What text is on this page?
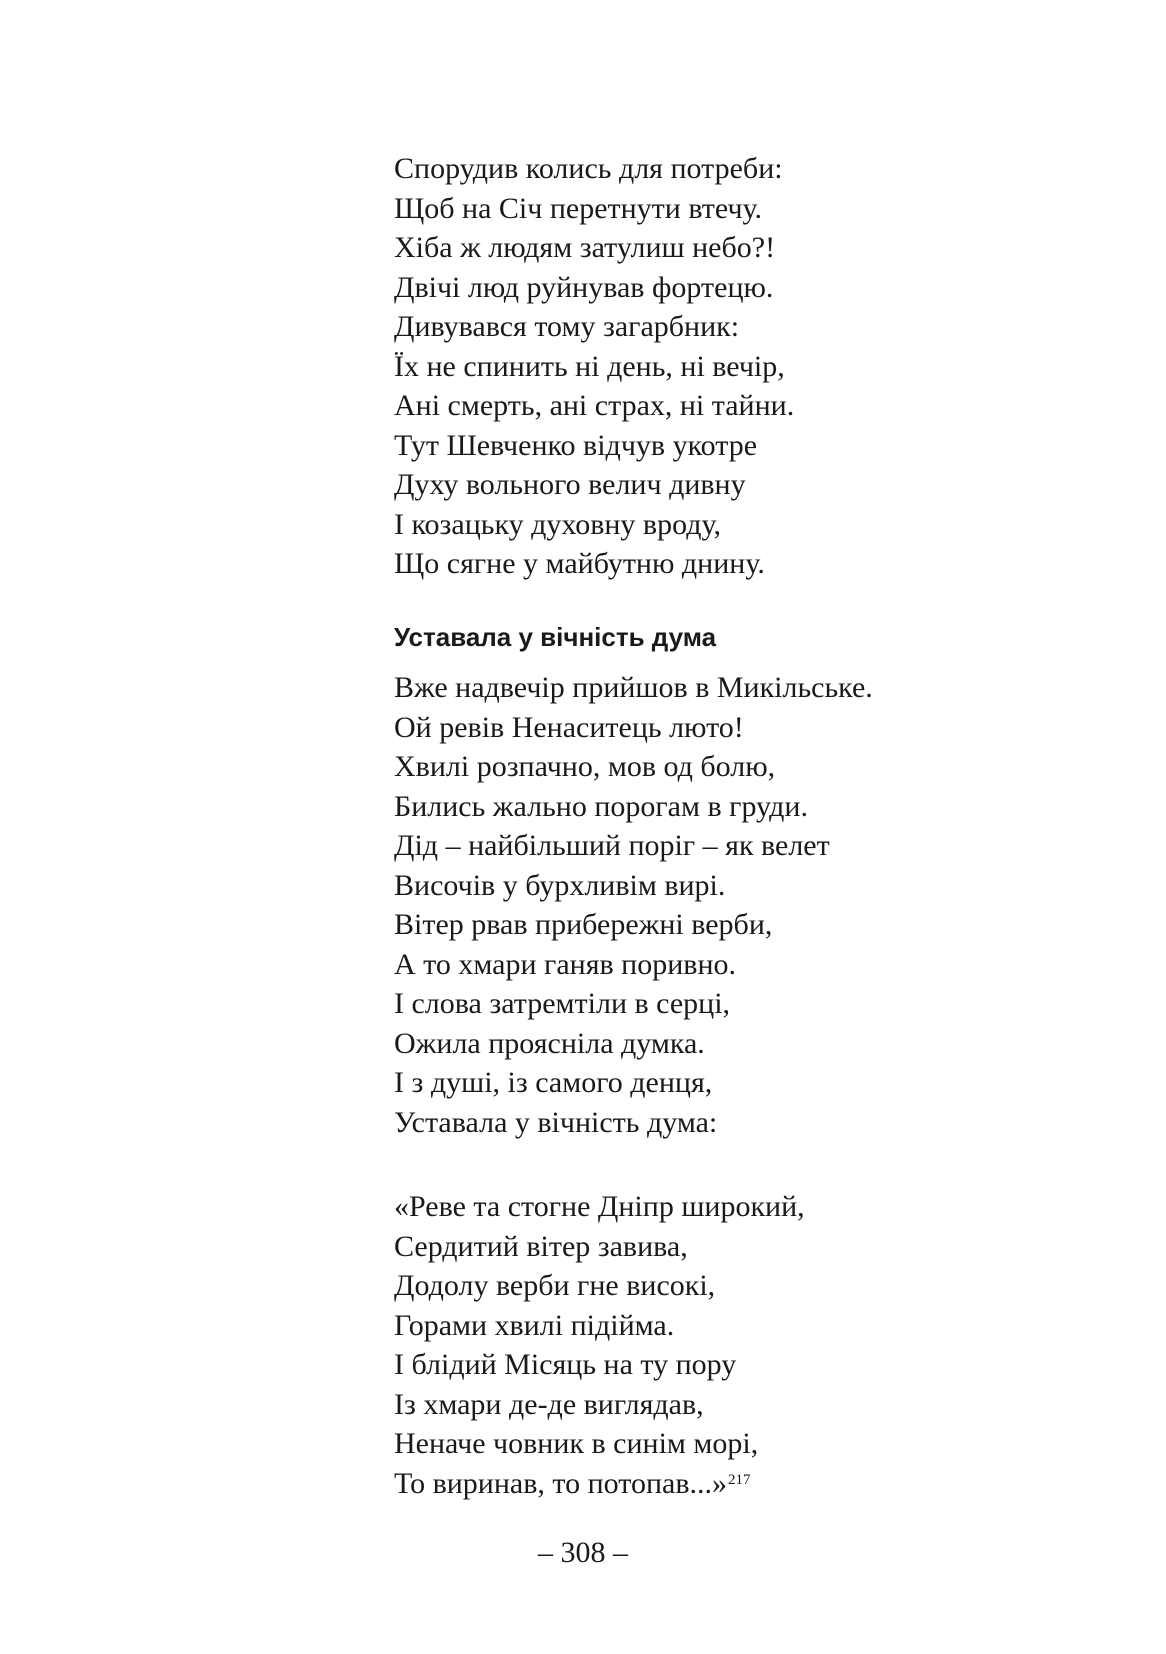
Спорудив колись для потреби:
Щоб на Січ перетнути втечу.
Хіба ж людям затулиш небо?!
Двічі люд руйнував фортецю.
Дивувався тому загарбник:
Їх не спинить ні день, ні вечір,
Ані смерть, ані страх, ні тайни.
Тут Шевченко відчув укотре
Духу вольного велич дивну
І козацьку духовну вроду,
Що сягне у майбутню днину.
Уставала у вічність дума
Вже надвечір прийшов в Микільське.
Ой ревів Ненаситець люто!
Хвилі розпачно, мов од болю,
Бились жально порогам в груди.
Дід – найбільший поріг – як велет
Височів у бурхливім вирі.
Вітер рвав прибережні верби,
А то хмари ганяв поривно.
І слова затремтіли в серці,
Ожила проясніла думка.
І з душі, із самого денця,
Уставала у вічність дума:
«Реве та стогне Дніпр широкий,
Сердитий вітер завива,
Додолу верби гне високі,
Горами хвилі підійма.
І блідий Місяць на ту пору
Із хмари де-де виглядав,
Неначе човник в синім морі,
То виринав, то потопав...»$^{217}$
– 308 –
